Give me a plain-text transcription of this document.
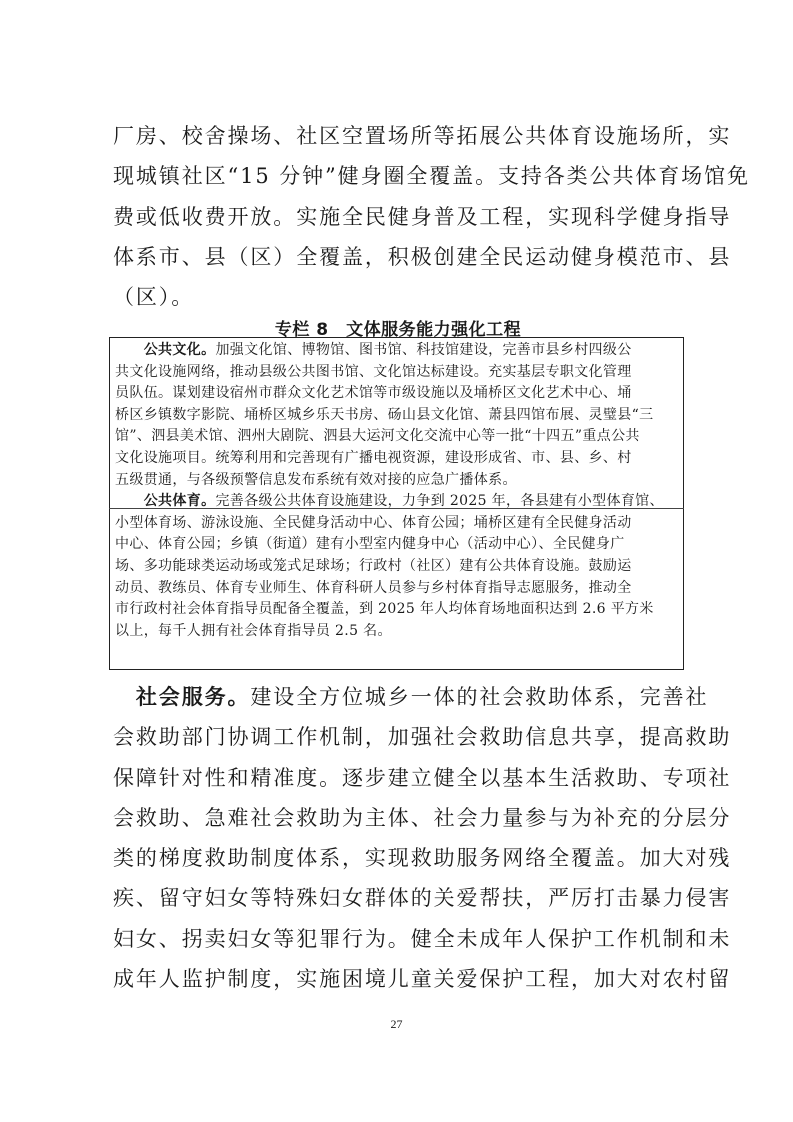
厂房、校舍操场、社区空置场所等拓展公共体育设施场所，实
现城镇社区“15 分钟”健身圈全覆盖。支持各类公共体育场馆免
费或低收费开放。实施全民健身普及工程，实现科学健身指导
体系市、县（区）全覆盖，积极创建全民运动健身模范市、县
（区）。
专栏 8　文体服务能力强化工程
　　公共文化。加强文化馆、博物馆、图书馆、科技馆建设，完善市县乡村四级公
共文化设施网络，推动县级公共图书馆、文化馆达标建设。充实基层专职文化管理
员队伍。谋划建设宿州市群众文化艺术馆等市级设施以及埇桥区文化艺术中心、埇
桥区乡镇数字影院、埇桥区城乡乐天书房、砀山县文化馆、萧县四馆布展、灵璧县“三
馆”、泗县美术馆、泗州大剧院、泗县大运河文化交流中心等一批“十四五”重点公共
文化设施项目。统筹利用和完善现有广播电视资源，建设形成省、市、县、乡、村
五级贯通，与各级预警信息发布系统有效对接的应急广播体系。
　　公共体育。完善各级公共体育设施建设，力争到 2025 年，各县建有小型体育馆、
小型体育场、游泳设施、全民健身活动中心、体育公园；埇桥区建有全民健身活动
中心、体育公园；乡镇（街道）建有小型室内健身中心（活动中心）、全民健身广
场、多功能球类运动场或笼式足球场；行政村（社区）建有公共体育设施。鼓励运
动员、教练员、体育专业师生、体育科研人员参与乡村体育指导志愿服务，推动全
市行政村社会体育指导员配备全覆盖，到 2025 年人均体育场地面积达到 2.6 平方米
以上，每千人拥有社会体育指导员 2.5 名。
　社会服务。建设全方位城乡一体的社会救助体系，完善社
会救助部门协调工作机制，加强社会救助信息共享，提高救助
保障针对性和精准度。逐步建立健全以基本生活救助、专项社
会救助、急难社会救助为主体、社会力量参与为补充的分层分
类的梯度救助制度体系，实现救助服务网络全覆盖。加大对残
疾、留守妇女等特殊妇女群体的关爱帮扶，严厉打击暴力侵害
妇女、拐卖妇女等犯罪行为。健全未成年人保护工作机制和未
成年人监护制度，实施困境儿童关爱保护工程，加大对农村留
27
